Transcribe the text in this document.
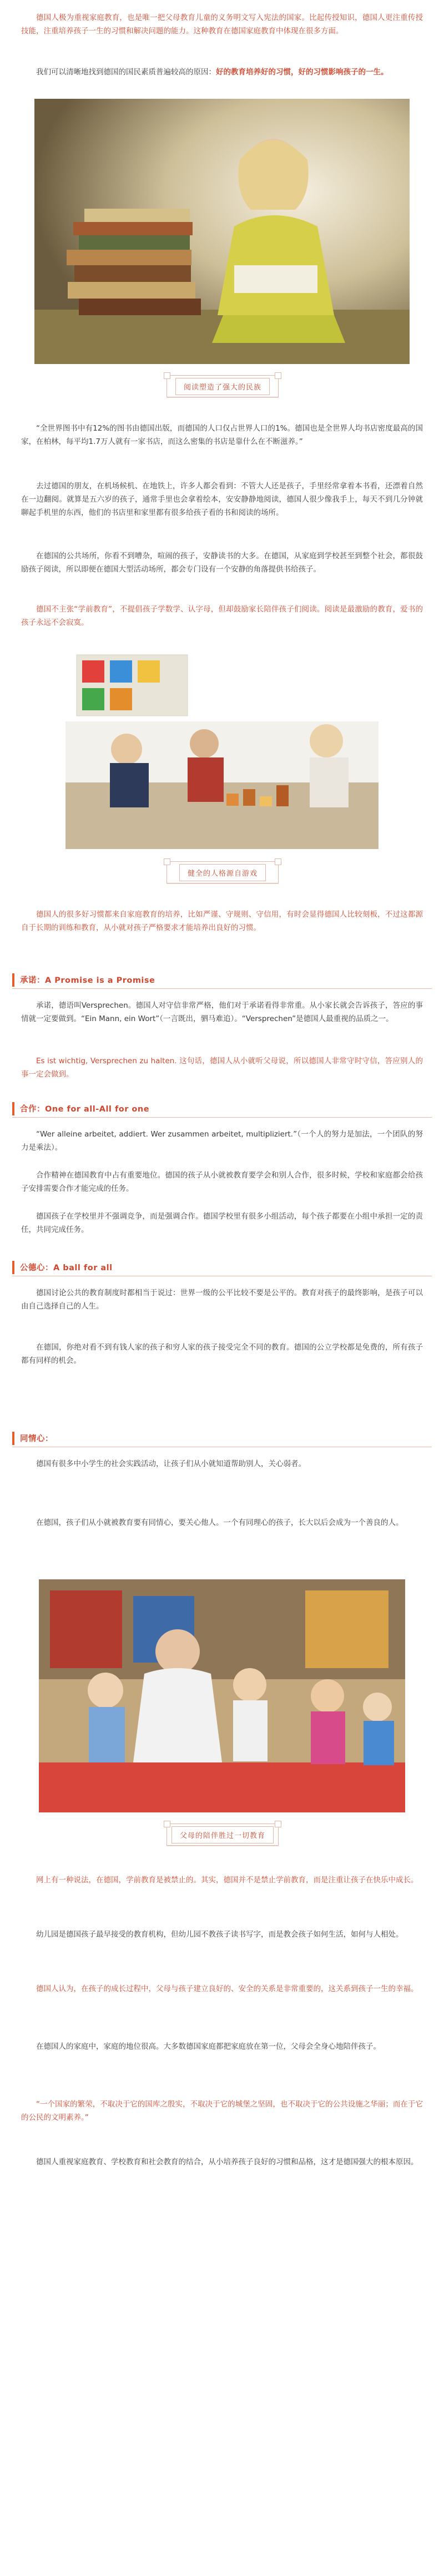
德国人极为重视家庭教育，也是唯一把父母教育儿童的义务明文写入宪法的国家。比起传授知识，德国人更注重传授技能，注重培养孩子一生的习惯和解决问题的能力。这种教育在德国家庭教育中体现在很多方面。

我们可以清晰地找到德国的国民素质普遍较高的原因：好的教育培养好的习惯，好的习惯影响孩子的一生。

阅读塑造了强大的民族

“全世界图书中有12%的图书由德国出版，而德国的人口仅占世界人口的1%。德国也是全世界人均书店密度最高的国家，在柏林，每平均1.7万人就有一家书店，而这么密集的书店是靠什么在不断滋养。”

去过德国的朋友，在机场候机、在地铁上，许多人都会看到：不管大人还是孩子，手里经常拿着本书看，还漂着自然在一边翻阅。就算是五六岁的孩子，通常手里也会拿着绘本，安安静静地阅读，德国人很少像我手上，每天不到几分钟就聊起手机里的东西，他们的书店里和家里都有很多给孩子看的书和阅读的场所。

在德国的公共场所，你看不到嘈杂，喧闹的孩子，安静读书的大多。在德国，从家庭到学校甚至到整个社会，都很鼓励孩子阅读，所以即便在德国大型活动场所，都会专门设有一个安静的角落提供书给孩子。

德国不主张“学前教育”，不提倡孩子学数学、认字母，但却鼓励家长陪伴孩子们阅读。阅读是最激励的教育，爱书的孩子永远不会寂寞。

健全的人格源自游戏

德国人的很多好习惯都来自家庭教育的培养，比如严谨、守规则、守信用，有时会显得德国人比较刻板，不过这都源自于长期的训练和教育，从小就对孩子严格要求才能培养出良好的习惯。

承诺：A Promise is a Promise

承诺，德语叫Versprechen。德国人对守信非常严格，他们对于承诺看得非常重。从小家长就会告诉孩子，答应的事情就一定要做到。“Ein Mann, ein Wort”（一言既出，驷马难追）。“Versprechen”是德国人最重视的品质之一。

Es ist wichtig, Versprechen zu halten. 这句话，德国人从小就听父母说，所以德国人非常守时守信，答应别人的事一定会做到。

合作：One for all-All for one

“Wer alleine arbeitet, addiert. Wer zusammen arbeitet, multipliziert.”（一个人的努力是加法，一个团队的努力是乘法）。

合作精神在德国教育中占有重要地位。德国的孩子从小就被教育要学会和别人合作，很多时候，学校和家庭都会给孩子安排需要合作才能完成的任务。

德国孩子在学校里并不强调竞争，而是强调合作。德国学校里有很多小组活动，每个孩子都要在小组中承担一定的责任，共同完成任务。

公德心：A ball for all

德国讨论公共的教育制度时都相当于说过：世界一级的公平比较不要是公平的。教育对孩子的最终影响，是孩子可以由自己选择自己的人生。

在德国，你绝对看不到有钱人家的孩子和穷人家的孩子接受完全不同的教育。德国的公立学校都是免费的，所有孩子都有同样的机会。

同情心：

德国有很多中小学生的社会实践活动，让孩子们从小就知道帮助别人，关心弱者。

在德国，孩子们从小就被教育要有同情心，要关心他人。一个有同理心的孩子，长大以后会成为一个善良的人。

父母的陪伴胜过一切教育

网上有一种说法，在德国，学前教育是被禁止的。其实，德国并不是禁止学前教育，而是注重让孩子在快乐中成长。

幼儿园是德国孩子最早接受的教育机构，但幼儿园不教孩子读书写字，而是教会孩子如何生活，如何与人相处。

德国人认为，在孩子的成长过程中，父母与孩子建立良好的、安全的关系是非常重要的，这关系到孩子一生的幸福。

在德国人的家庭中，家庭的地位很高。大多数德国家庭都把家庭放在第一位，父母会全身心地陪伴孩子。

“一个国家的繁荣，不取决于它的国库之殷实，不取决于它的城堡之坚固，也不取决于它的公共设施之华丽；而在于它的公民的文明素养。”

德国人重视家庭教育、学校教育和社会教育的结合，从小培养孩子良好的习惯和品格，这才是德国强大的根本原因。
